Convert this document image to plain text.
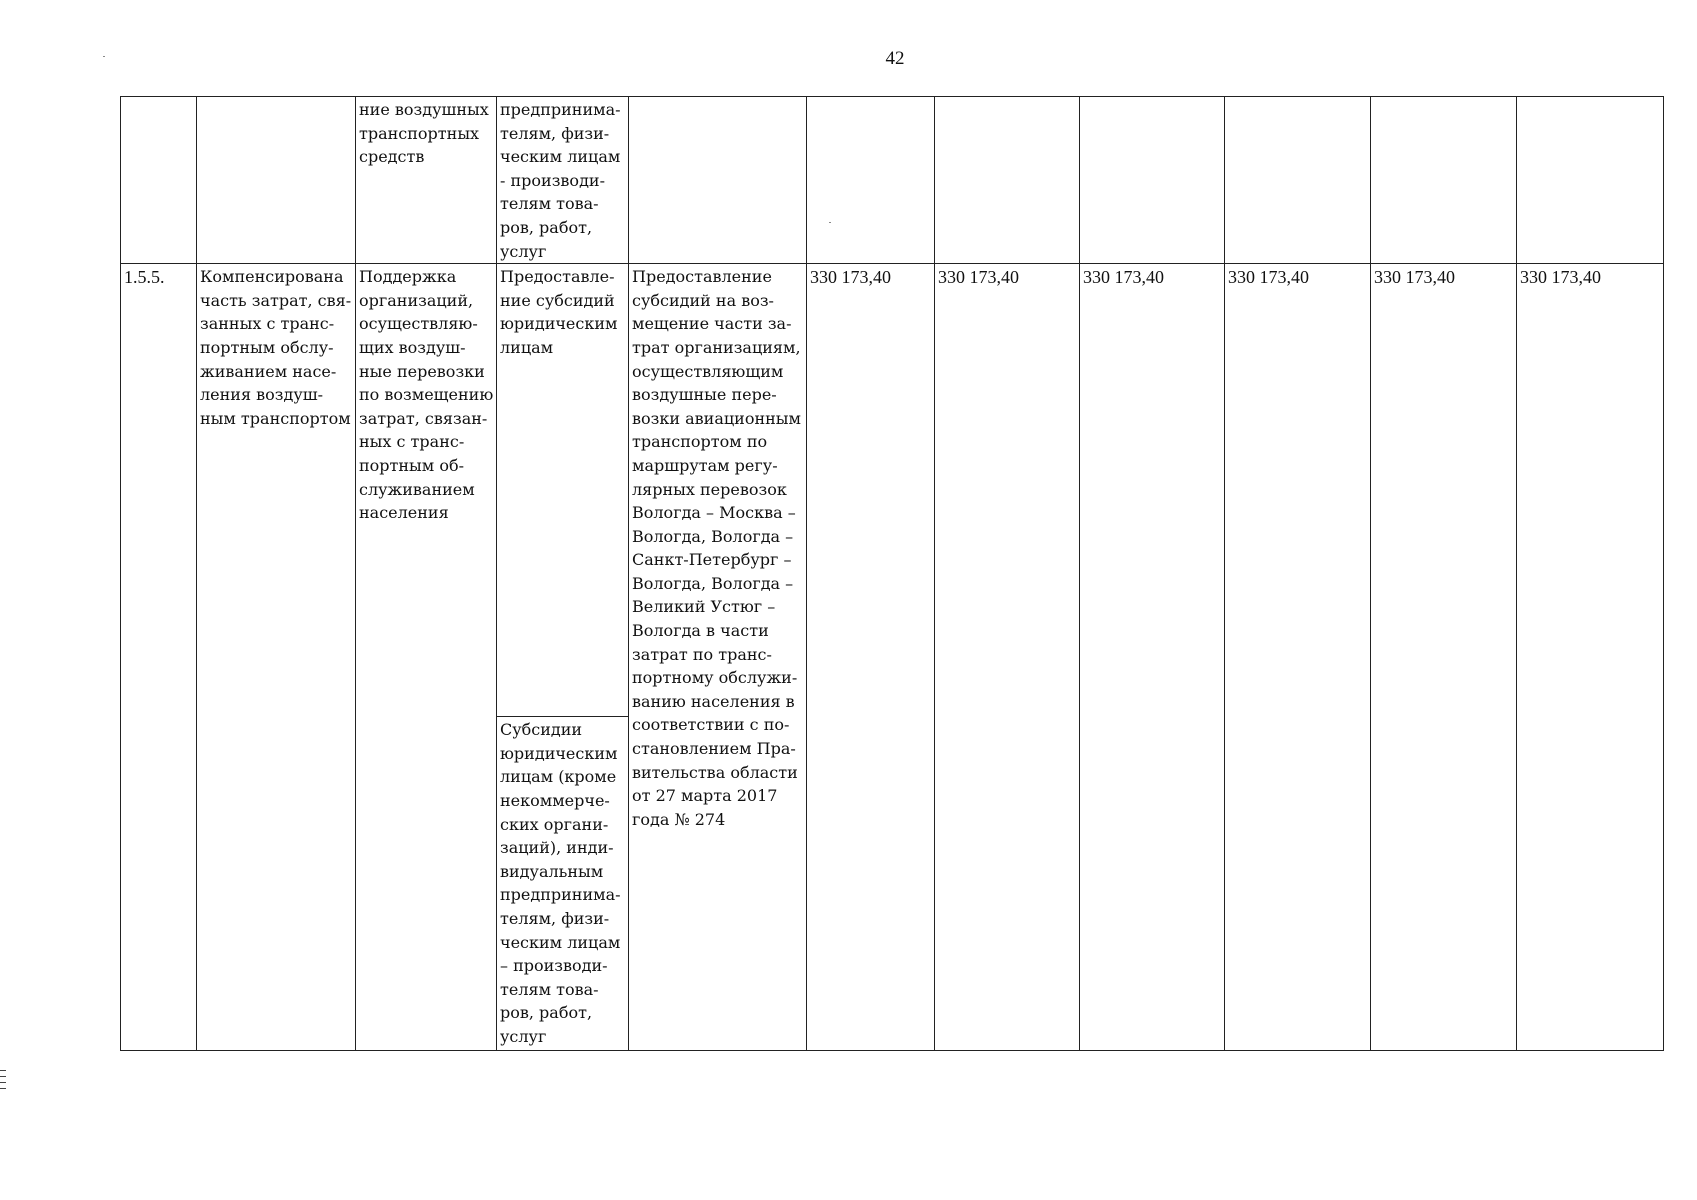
42
		ние воздушных транспортных средств	предпринима-телям, физи-ческим лицам - производи-телям това-ров, работ, услуг							
1.5.5.	Компенсирована часть затрат, свя-занных с транс-портным обслу-живанием насе-ления воздуш-ным транспортом	Поддержка организаций, осуществляю-щих воздуш-ные перевозки по возмещению затрат, связан-ных с транс-портным об-служиванием населения	Предоставле-ние субсидий юридическим лицам	Предоставление субсидий на воз-мещение части за-трат организациям, осуществляющим воздушные пере-возки авиационным транспортом по маршрутам регу-лярных перевозок Вологда – Москва – Вологда, Вологда – Санкт-Петербург – Вологда, Вологда – Великий Устюг – Вологда в части затрат по транс-портному обслужи-ванию населения в соответствии с по-становлением Пра-вительства области от 27 марта 2017 года № 274	330 173,40	330 173,40	330 173,40	330 173,40	330 173,40	330 173,40
			Субсидии юридическим лицам (кроме некоммерче-ских органи-заций), инди-видуальным предпринима-телям, физи-ческим лицам – производи-телям това-ров, работ, услуг							
